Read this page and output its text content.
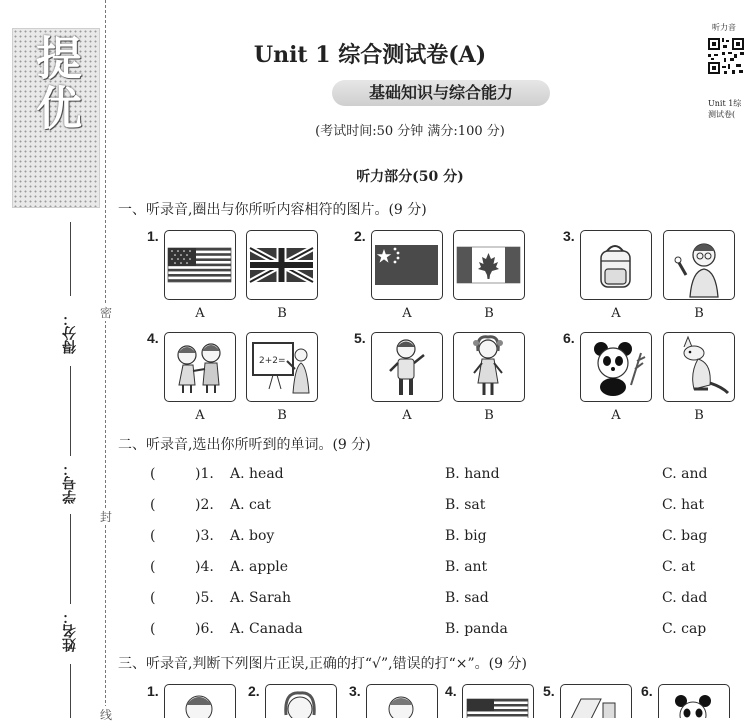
提优
密
封
线
得分：
学号：
姓名：
Unit 1 综合测试卷(A)
基础知识与综合能力
(考试时间:50 分钟 满分:100 分)
听力音
Unit 1综测试卷(
听力部分(50 分)
一、听录音,圈出与你所听内容相符的图片。(9 分)
1.
A	B
2.
A	B
3.
A	B
4.
2+2=
A	B
5.
A	B
6.
A	B
二、听录音,选出你所听到的单词。(9 分)
(	)1. A. head	B. hand	C. and
(	)2. A. cat	B. sat	C. hat
(	)3. A. boy	B. big	C. bag
(	)4. A. apple	B. ant	C. at
(	)5. A. Sarah	B. sad	C. dad
(	)6. A. Canada	B. panda	C. cap
三、听录音,判断下列图片正误,正确的打“√”,错误的打“×”。(9 分)
1.	2.	3.	4.	5.	6.
